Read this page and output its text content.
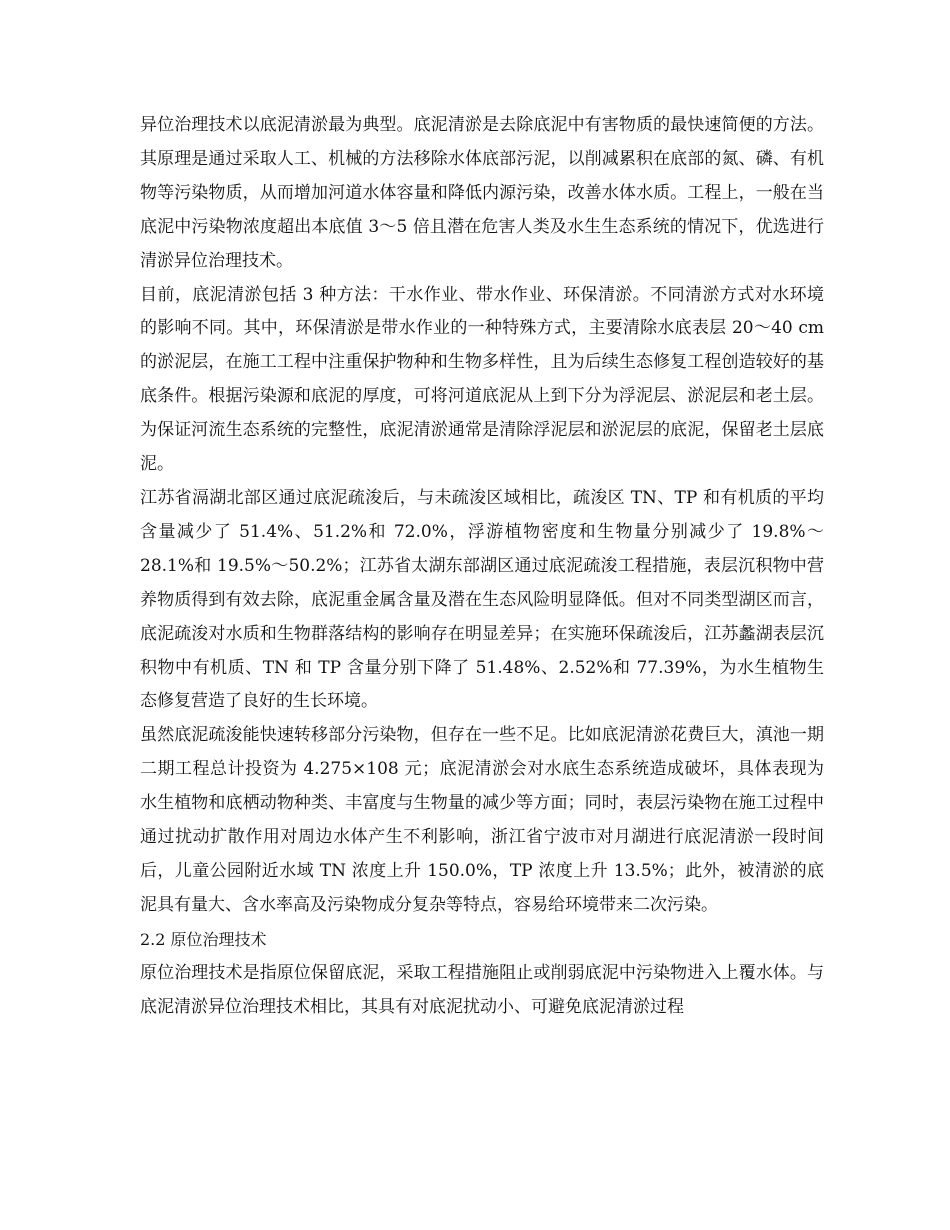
异位治理技术以底泥清淤最为典型。底泥清淤是去除底泥中有害物质的最快速简便的方法。其原理是通过采取人工、机械的方法移除水体底部污泥，以削减累积在底部的氮、磷、有机物等污染物质，从而增加河道水体容量和降低内源污染，改善水体水质。工程上，一般在当底泥中污染物浓度超出本底值 3～5 倍且潜在危害人类及水生生态系统的情况下，优选进行清淤异位治理技术。

目前，底泥清淤包括 3 种方法：干水作业、带水作业、环保清淤。不同清淤方式对水环境的影响不同。其中，环保清淤是带水作业的一种特殊方式，主要清除水底表层 20～40 cm 的淤泥层，在施工工程中注重保护物种和生物多样性，且为后续生态修复工程创造较好的基底条件。根据污染源和底泥的厚度，可将河道底泥从上到下分为浮泥层、淤泥层和老土层。为保证河流生态系统的完整性，底泥清淤通常是清除浮泥层和淤泥层的底泥，保留老土层底泥。

江苏省滆湖北部区通过底泥疏浚后，与未疏浚区域相比，疏浚区 TN、TP 和有机质的平均含量减少了 51.4%、51.2%和 72.0%，浮游植物密度和生物量分别减少了 19.8%～28.1%和 19.5%～50.2%；江苏省太湖东部湖区通过底泥疏浚工程措施，表层沉积物中营养物质得到有效去除，底泥重金属含量及潜在生态风险明显降低。但对不同类型湖区而言，底泥疏浚对水质和生物群落结构的影响存在明显差异；在实施环保疏浚后，江苏蠡湖表层沉积物中有机质、TN 和 TP 含量分别下降了 51.48%、2.52%和 77.39%，为水生植物生态修复营造了良好的生长环境。

虽然底泥疏浚能快速转移部分污染物，但存在一些不足。比如底泥清淤花费巨大，滇池一期二期工程总计投资为 4.275×108 元；底泥清淤会对水底生态系统造成破坏，具体表现为水生植物和底栖动物种类、丰富度与生物量的减少等方面；同时，表层污染物在施工过程中通过扰动扩散作用对周边水体产生不利影响，浙江省宁波市对月湖进行底泥清淤一段时间后，儿童公园附近水域 TN 浓度上升 150.0%，TP 浓度上升 13.5%；此外，被清淤的底泥具有量大、含水率高及污染物成分复杂等特点，容易给环境带来二次污染。

2.2 原位治理技术

原位治理技术是指原位保留底泥，采取工程措施阻止或削弱底泥中污染物进入上覆水体。与底泥清淤异位治理技术相比，其具有对底泥扰动小、可避免底泥清淤过程
